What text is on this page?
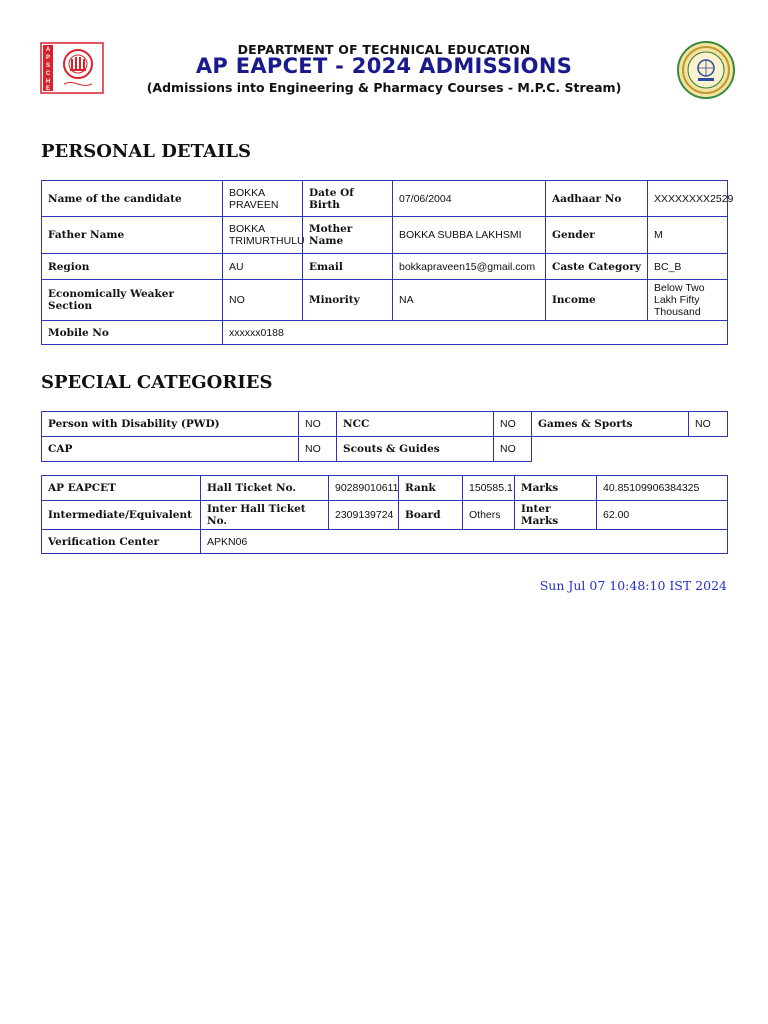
A
P
S
C
H
E
DEPARTMENT OF TECHNICAL EDUCATION
AP EAPCET - 2024 ADMISSIONS
(Admissions into Engineering & Pharmacy Courses - M.P.C. Stream)
PERSONAL DETAILS
Name of the candidate	BOKKA PRAVEEN	Date Of Birth	07/06/2004	Aadhaar No	XXXXXXXX2529
Father Name	BOKKA TRIMURTHULU	Mother Name	BOKKA SUBBA LAKHSMI	Gender	M
Region	AU	Email	bokkapraveen15@gmail.com	Caste Category	BC_B
Economically Weaker Section	NO	Minority	NA	Income	Below Two Lakh Fifty Thousand
Mobile No	xxxxxx0188				
SPECIAL CATEGORIES
Person with Disability (PWD)	NO	NCC	NO	Games & Sports	NO
CAP	NO	Scouts & Guides	NO		
AP EAPCET	Hall Ticket No.	90289010611	Rank	150585.1	Marks	40.85109906384325
Intermediate/Equivalent	Inter Hall Ticket No.	2309139724	Board	Others	Inter Marks	62.00
Verification Center	APKN06					
Sun Jul 07 10:48:10 IST 2024
